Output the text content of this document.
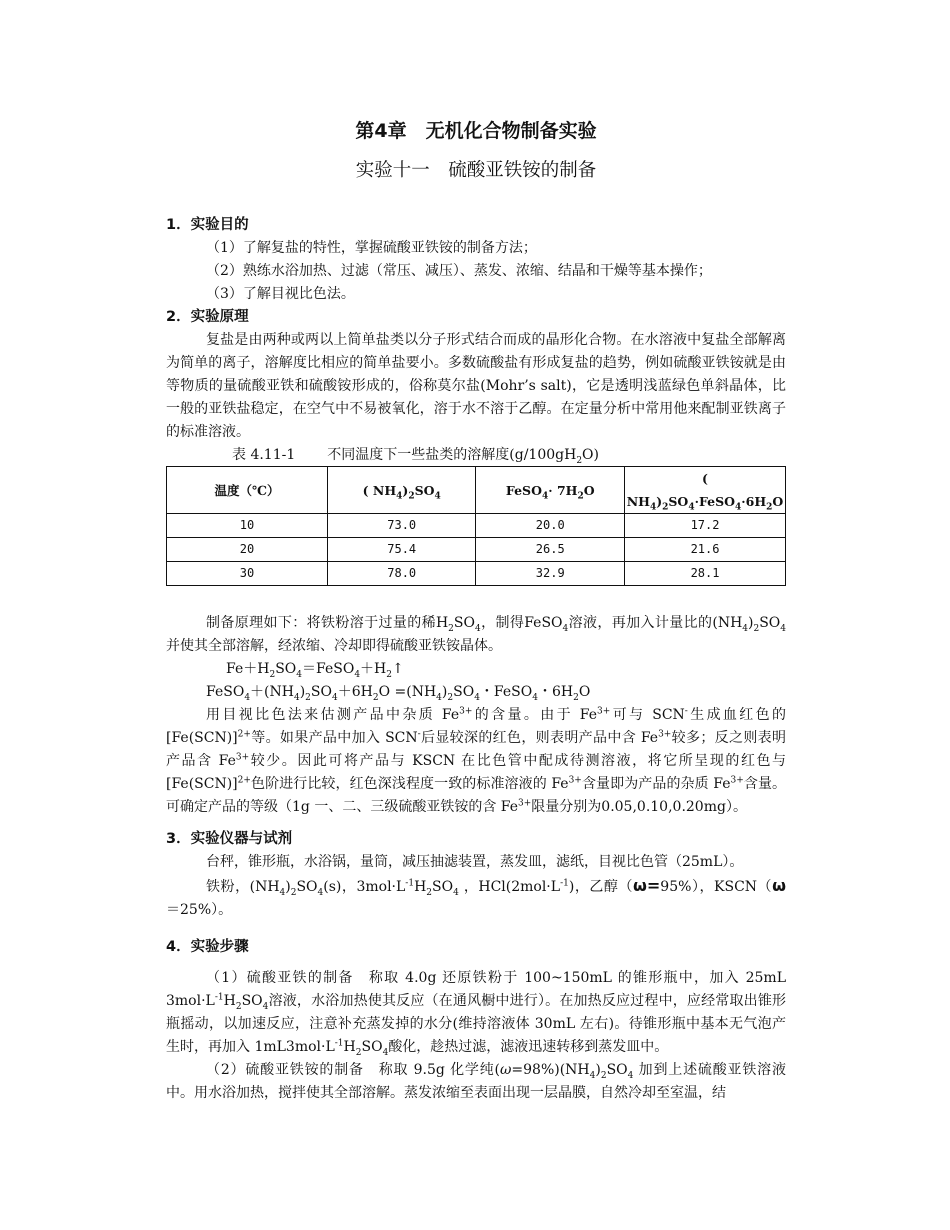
第4章　无机化合物制备实验
实验十一　硫酸亚铁铵的制备
1．实验目的

（1）了解复盐的特性，掌握硫酸亚铁铵的制备方法；

（2）熟练水浴加热、过滤（常压、减压）、蒸发、浓缩、结晶和干燥等基本操作；

（3）了解目视比色法。

2．实验原理

复盐是由两种或两以上简单盐类以分子形式结合而成的晶形化合物。在水溶液中复盐全部解离为简单的离子，溶解度比相应的简单盐要小。多数硫酸盐有形成复盐的趋势，例如硫酸亚铁铵就是由等物质的量硫酸亚铁和硫酸铵形成的，俗称莫尔盐(Mohr’s salt)，它是透明浅蓝绿色单斜晶体，比一般的亚铁盐稳定，在空气中不易被氧化，溶于水不溶于乙醇。在定量分析中常用他来配制亚铁离子的标准溶液。

表 4.11-1 不同温度下一些盐类的溶解度$(g/100gH_2O)$

温度（℃）	( $NH_4)_2SO_4$	FeSO$_4$· $7H_2O$	( $NH_4)_2SO_4\cdot FeSO_4\cdot 6H_2O$
10	73.0	20.0	17.2
20	75.4	26.5	21.6
30	78.0	32.9	28.1

制备原理如下：将铁粉溶于过量的稀$H_2SO_4$，制得FeSO$_4$溶液，再加入计量比的$(NH_4)_2SO_4$并使其全部溶解，经浓缩、冷却即得硫酸亚铁铵晶体。

$Fe+H_2SO_4=FeSO_4+H_2↑$

$FeSO_4+(NH_4)_2SO_4+6H_2O =(NH_4)_2SO_4$・FeSO$_4$・$6H_2O$

用目视比色法来估测产品中杂质 $Fe^{3+}$的含量。由于 $Fe^{3+}$可与 SCN-生成血红色的$[Fe(SCN)]^{2+}$等。如果产品中加入 SCN-后显较深的红色，则表明产品中含 $Fe^{3+}$较多；反之则表明产品含 $Fe^{3+}$较少。因此可将产品与 KSCN 在比色管中配成待测溶液，将它所呈现的红色与$[Fe(SCN)]^{2+}$色阶进行比较，红色深浅程度一致的标准溶液的 $Fe^{3+}$含量即为产品的杂质 $Fe^{3+}$含量。可确定产品的等级（1g 一、二、三级硫酸亚铁铵的含 $Fe^{3+}$限量分别为0.05,0.10,0.20mg）。

3．实验仪器与试剂

台秤，锥形瓶，水浴锅，量筒，减压抽滤装置，蒸发皿，滤纸，目视比色管（25mL）。

铁粉，$(NH_4)_2SO_4(s)$，$3mol\cdot L^{-1}H_2SO_4$ ，$HCl(2mol\cdot L^{-1})$，乙醇（ω=95%），KSCN（ω＝25%）。

4．实验步骤

（1）硫酸亚铁的制备　称取 4.0g 还原铁粉于 100~150mL 的锥形瓶中，加入 25mL $3mol\cdot L^{-1}H_2SO_4$溶液，水浴加热使其反应（在通风橱中进行）。在加热反应过程中，应经常取出锥形瓶摇动，以加速反应，注意补充蒸发掉的水分(维持溶液体 30mL 左右)。待锥形瓶中基本无气泡产生时，再加入 $1mL3mol\cdot L^{-1}H_2SO_4$酸化，趁热过滤，滤液迅速转移到蒸发皿中。

（2）硫酸亚铁铵的制备　称取 9.5g 化学纯$(\omega=98\%)(NH_4)_2SO_4$ 加到上述硫酸亚铁溶液中。用水浴加热，搅拌使其全部溶解。蒸发浓缩至表面出现一层晶膜，自然冷却至室温，结
